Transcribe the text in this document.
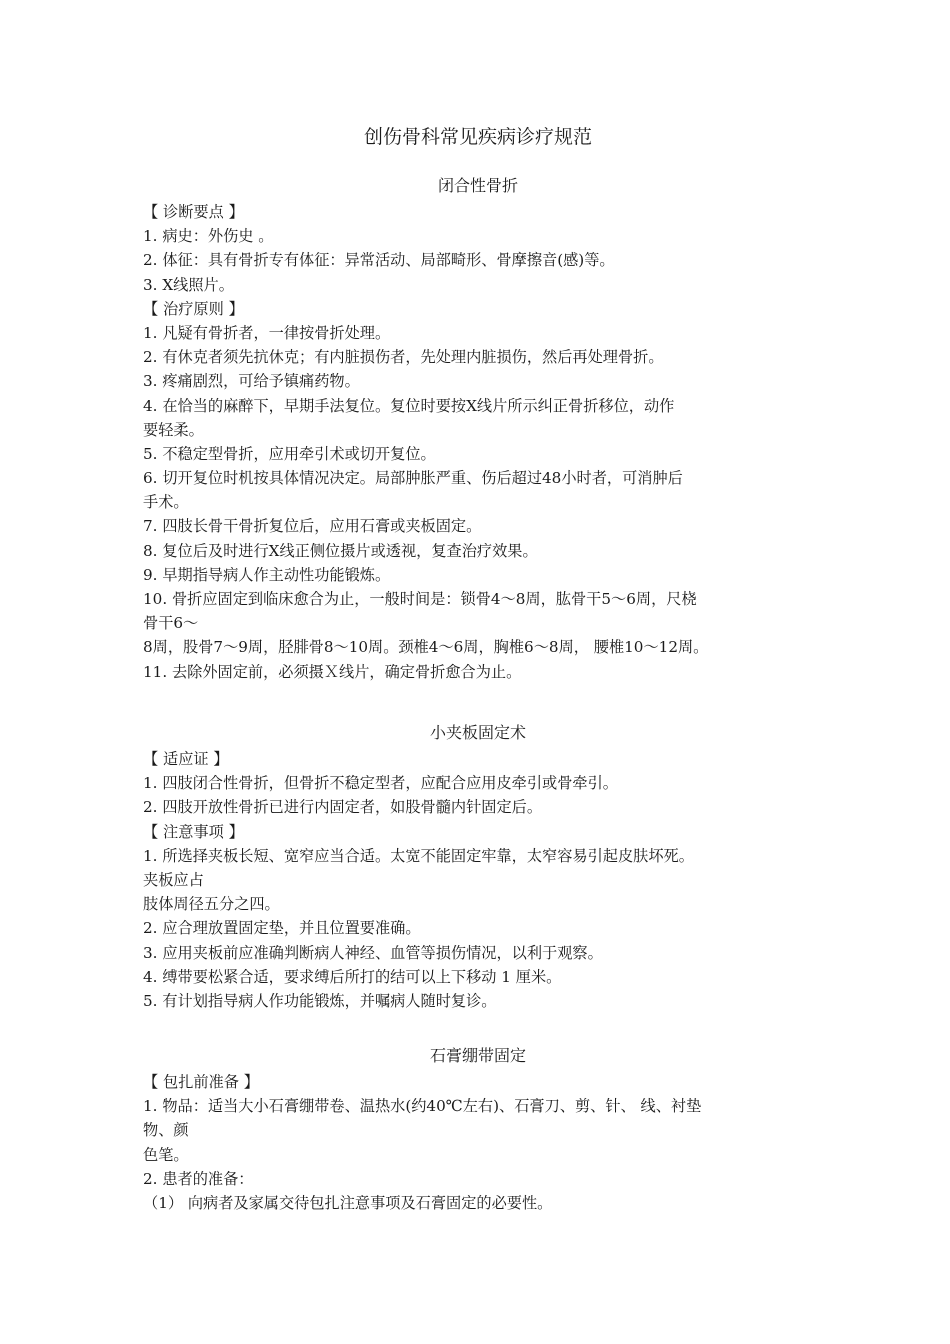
创伤骨科常见疾病诊疗规范
闭合性骨折
【 诊断要点 】
1. 病史：外伤史 。
2. 体征：具有骨折专有体征：异常活动、局部畸形、骨摩擦音(感)等。
3. X线照片。
【 治疗原则 】
1. 凡疑有骨折者，一律按骨折处理。
2. 有休克者须先抗休克；有内脏损伤者，先处理内脏损伤，然后再处理骨折。
3. 疼痛剧烈，可给予镇痛药物。
4. 在恰当的麻醉下，早期手法复位。复位时要按X线片所示纠正骨折移位，动作
要轻柔。
5. 不稳定型骨折，应用牵引术或切开复位。
6. 切开复位时机按具体情况决定。局部肿胀严重、伤后超过48小时者，可消肿后
手术。
7. 四肢长骨干骨折复位后，应用石膏或夹板固定。
8. 复位后及时进行X线正侧位摄片或透视，复查治疗效果。
9. 早期指导病人作主动性功能锻炼。
10. 骨折应固定到临床愈合为止，一般时间是：锁骨4～8周，肱骨干5～6周，尺桡
骨干6～
8周，股骨7～9周，胫腓骨8～10周。颈椎4～6周，胸椎6～8周， 腰椎10～12周。
11. 去除外固定前，必须摄Ｘ线片，确定骨折愈合为止。
小夹板固定术
【 适应证 】
1. 四肢闭合性骨折，但骨折不稳定型者，应配合应用皮牵引或骨牵引。
2. 四肢开放性骨折已进行内固定者，如股骨髓内针固定后。
【 注意事项 】
1. 所选择夹板长短、宽窄应当合适。太宽不能固定牢靠，太窄容易引起皮肤坏死。
夹板应占
肢体周径五分之四。
2. 应合理放置固定垫，并且位置要准确。
3. 应用夹板前应准确判断病人神经、血管等损伤情况，以利于观察。
4. 缚带要松紧合适，要求缚后所打的结可以上下移动 1 厘米。
5. 有计划指导病人作功能锻炼，并嘱病人随时复诊。
石膏绷带固定
【 包扎前准备 】
1. 物品：适当大小石膏绷带卷、温热水(约40℃左右)、石膏刀、剪、针、 线、衬垫
物、颜
色笔。
2. 患者的准备：
（1） 向病者及家属交待包扎注意事项及石膏固定的必要性。
